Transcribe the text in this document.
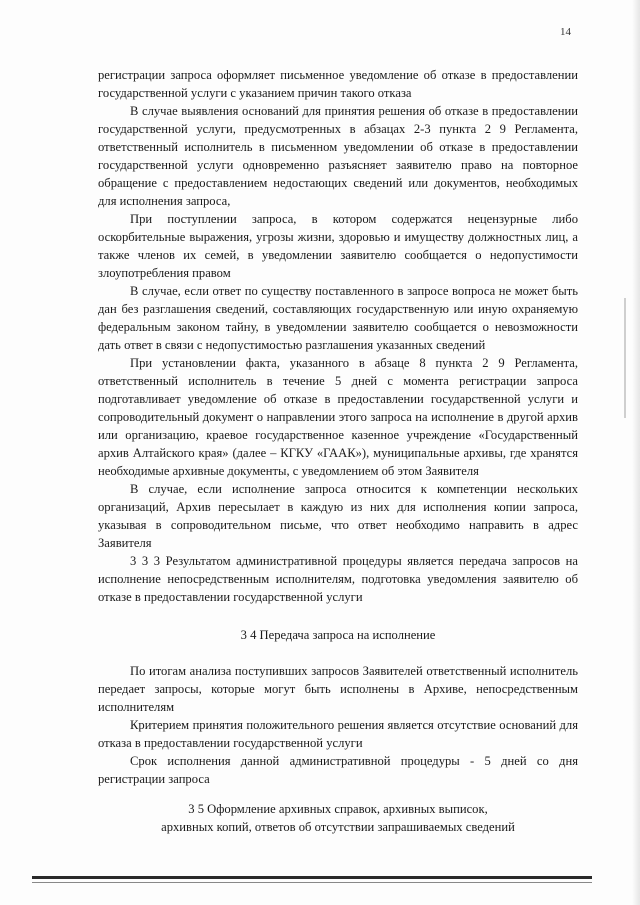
14

регистрации запроса оформляет письменное уведомление об отказе в предоставлении государственной услуги с указанием причин такого отказа

В случае выявления оснований для принятия решения об отказе в предоставлении государственной услуги, предусмотренных в абзацах 2-3 пункта 2 9 Регламента, ответственный исполнитель в письменном уведомлении об отказе в предоставлении государственной услуги одновременно разъясняет заявителю право на повторное обращение с предоставлением недостающих сведений или документов, необходимых для исполнения запроса,

При поступлении запроса, в котором содержатся нецензурные либо оскорбительные выражения, угрозы жизни, здоровью и имуществу должностных лиц, а также членов их семей, в уведомлении заявителю сообщается о недопустимости злоупотребления правом

В случае, если ответ по существу поставленного в запросе вопроса не может быть дан без разглашения сведений, составляющих государственную или иную охраняемую федеральным законом тайну, в уведомлении заявителю сообщается о невозможности дать ответ в связи с недопустимостью разглашения указанных сведений

При установлении факта, указанного в абзаце 8 пункта 2 9 Регламента, ответственный исполнитель в течение 5 дней с момента регистрации запроса подготавливает уведомление об отказе в предоставлении государственной услуги и сопроводительный документ о направлении этого запроса на исполнение в другой архив или организацию, краевое государственное казенное учреждение «Государственный архив Алтайского края» (далее – КГКУ «ГААК»), муниципальные архивы, где хранятся необходимые архивные документы, с уведомлением об этом Заявителя

В случае, если исполнение запроса относится к компетенции нескольких организаций, Архив пересылает в каждую из них для исполнения копии запроса, указывая в сопроводительном письме, что ответ необходимо направить в адрес Заявителя

3 3 3 Результатом административной процедуры является передача запросов на исполнение непосредственным исполнителям, подготовка уведомления заявителю об отказе в предоставлении государственной услуги

3 4 Передача запроса на исполнение

По итогам анализа поступивших запросов Заявителей ответственный исполнитель передает запросы, которые могут быть исполнены в Архиве, непосредственным исполнителям

Критерием принятия положительного решения является отсутствие оснований для отказа в предоставлении государственной услуги

Срок исполнения данной административной процедуры - 5 дней со дня регистрации запроса

3 5 Оформление архивных справок, архивных выписок,
архивных копий, ответов об отсутствии запрашиваемых сведений
